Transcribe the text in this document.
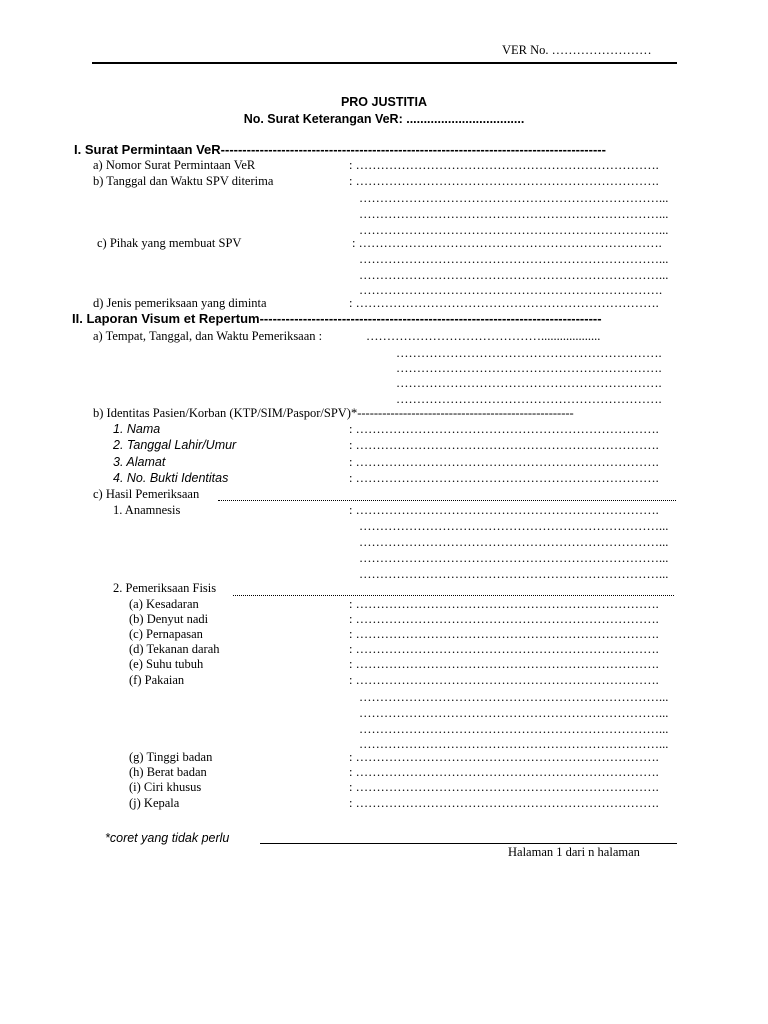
VER No. ……………………
PRO JUSTITIA
No. Surat Keterangan VeR: ..................................
I. Surat Permintaan VeR-----------------------------------------------------------------------------------------
a) Nomor Surat Permintaan VeR	: ……………………………………………………………….
b) Tanggal dan Waktu SPV diterima	: ……………………………………………………………….
………………………………………………………………...
………………………………………………………………...
………………………………………………………………...
c) Pihak yang membuat SPV	: ……………………………………………………………….
………………………………………………………………...
………………………………………………………………...
……………………………………………………………….
d) Jenis pemeriksaan yang diminta	: ……………………………………………………………….
II. Laporan Visum et Repertum-------------------------------------------------------------------------------
a) Tempat, Tanggal, dan Waktu Pemeriksaan :	……………………………………...................
……………………………………………………….
……………………………………………………….
……………………………………………………….
……………………………………………………….
b) Identitas Pasien/Korban (KTP/SIM/Paspor/SPV)*----------------------------------------------------
1. Nama	: ……………………………………………………………….
2. Tanggal Lahir/Umur	: ……………………………………………………………….
3. Alamat	: ……………………………………………………………….
4. No. Bukti Identitas	: ……………………………………………………………….
c) Hasil Pemeriksaan
1. Anamnesis	: ……………………………………………………………….
………………………………………………………………...
………………………………………………………………...
………………………………………………………………...
………………………………………………………………...
2. Pemeriksaan Fisis
(a) Kesadaran	: ……………………………………………………………….
(b) Denyut nadi	: ……………………………………………………………….
(c) Pernapasan	: ……………………………………………………………….
(d) Tekanan darah	: ……………………………………………………………….
(e) Suhu tubuh	: ……………………………………………………………….
(f) Pakaian	: ……………………………………………………………….
………………………………………………………………...
………………………………………………………………...
………………………………………………………………...
………………………………………………………………...
(g) Tinggi badan	: ……………………………………………………………….
(h) Berat badan	: ……………………………………………………………….
(i) Ciri khusus	: ……………………………………………………………….
(j) Kepala	: ……………………………………………………………….
*coret yang tidak perlu
Halaman 1 dari n halaman
